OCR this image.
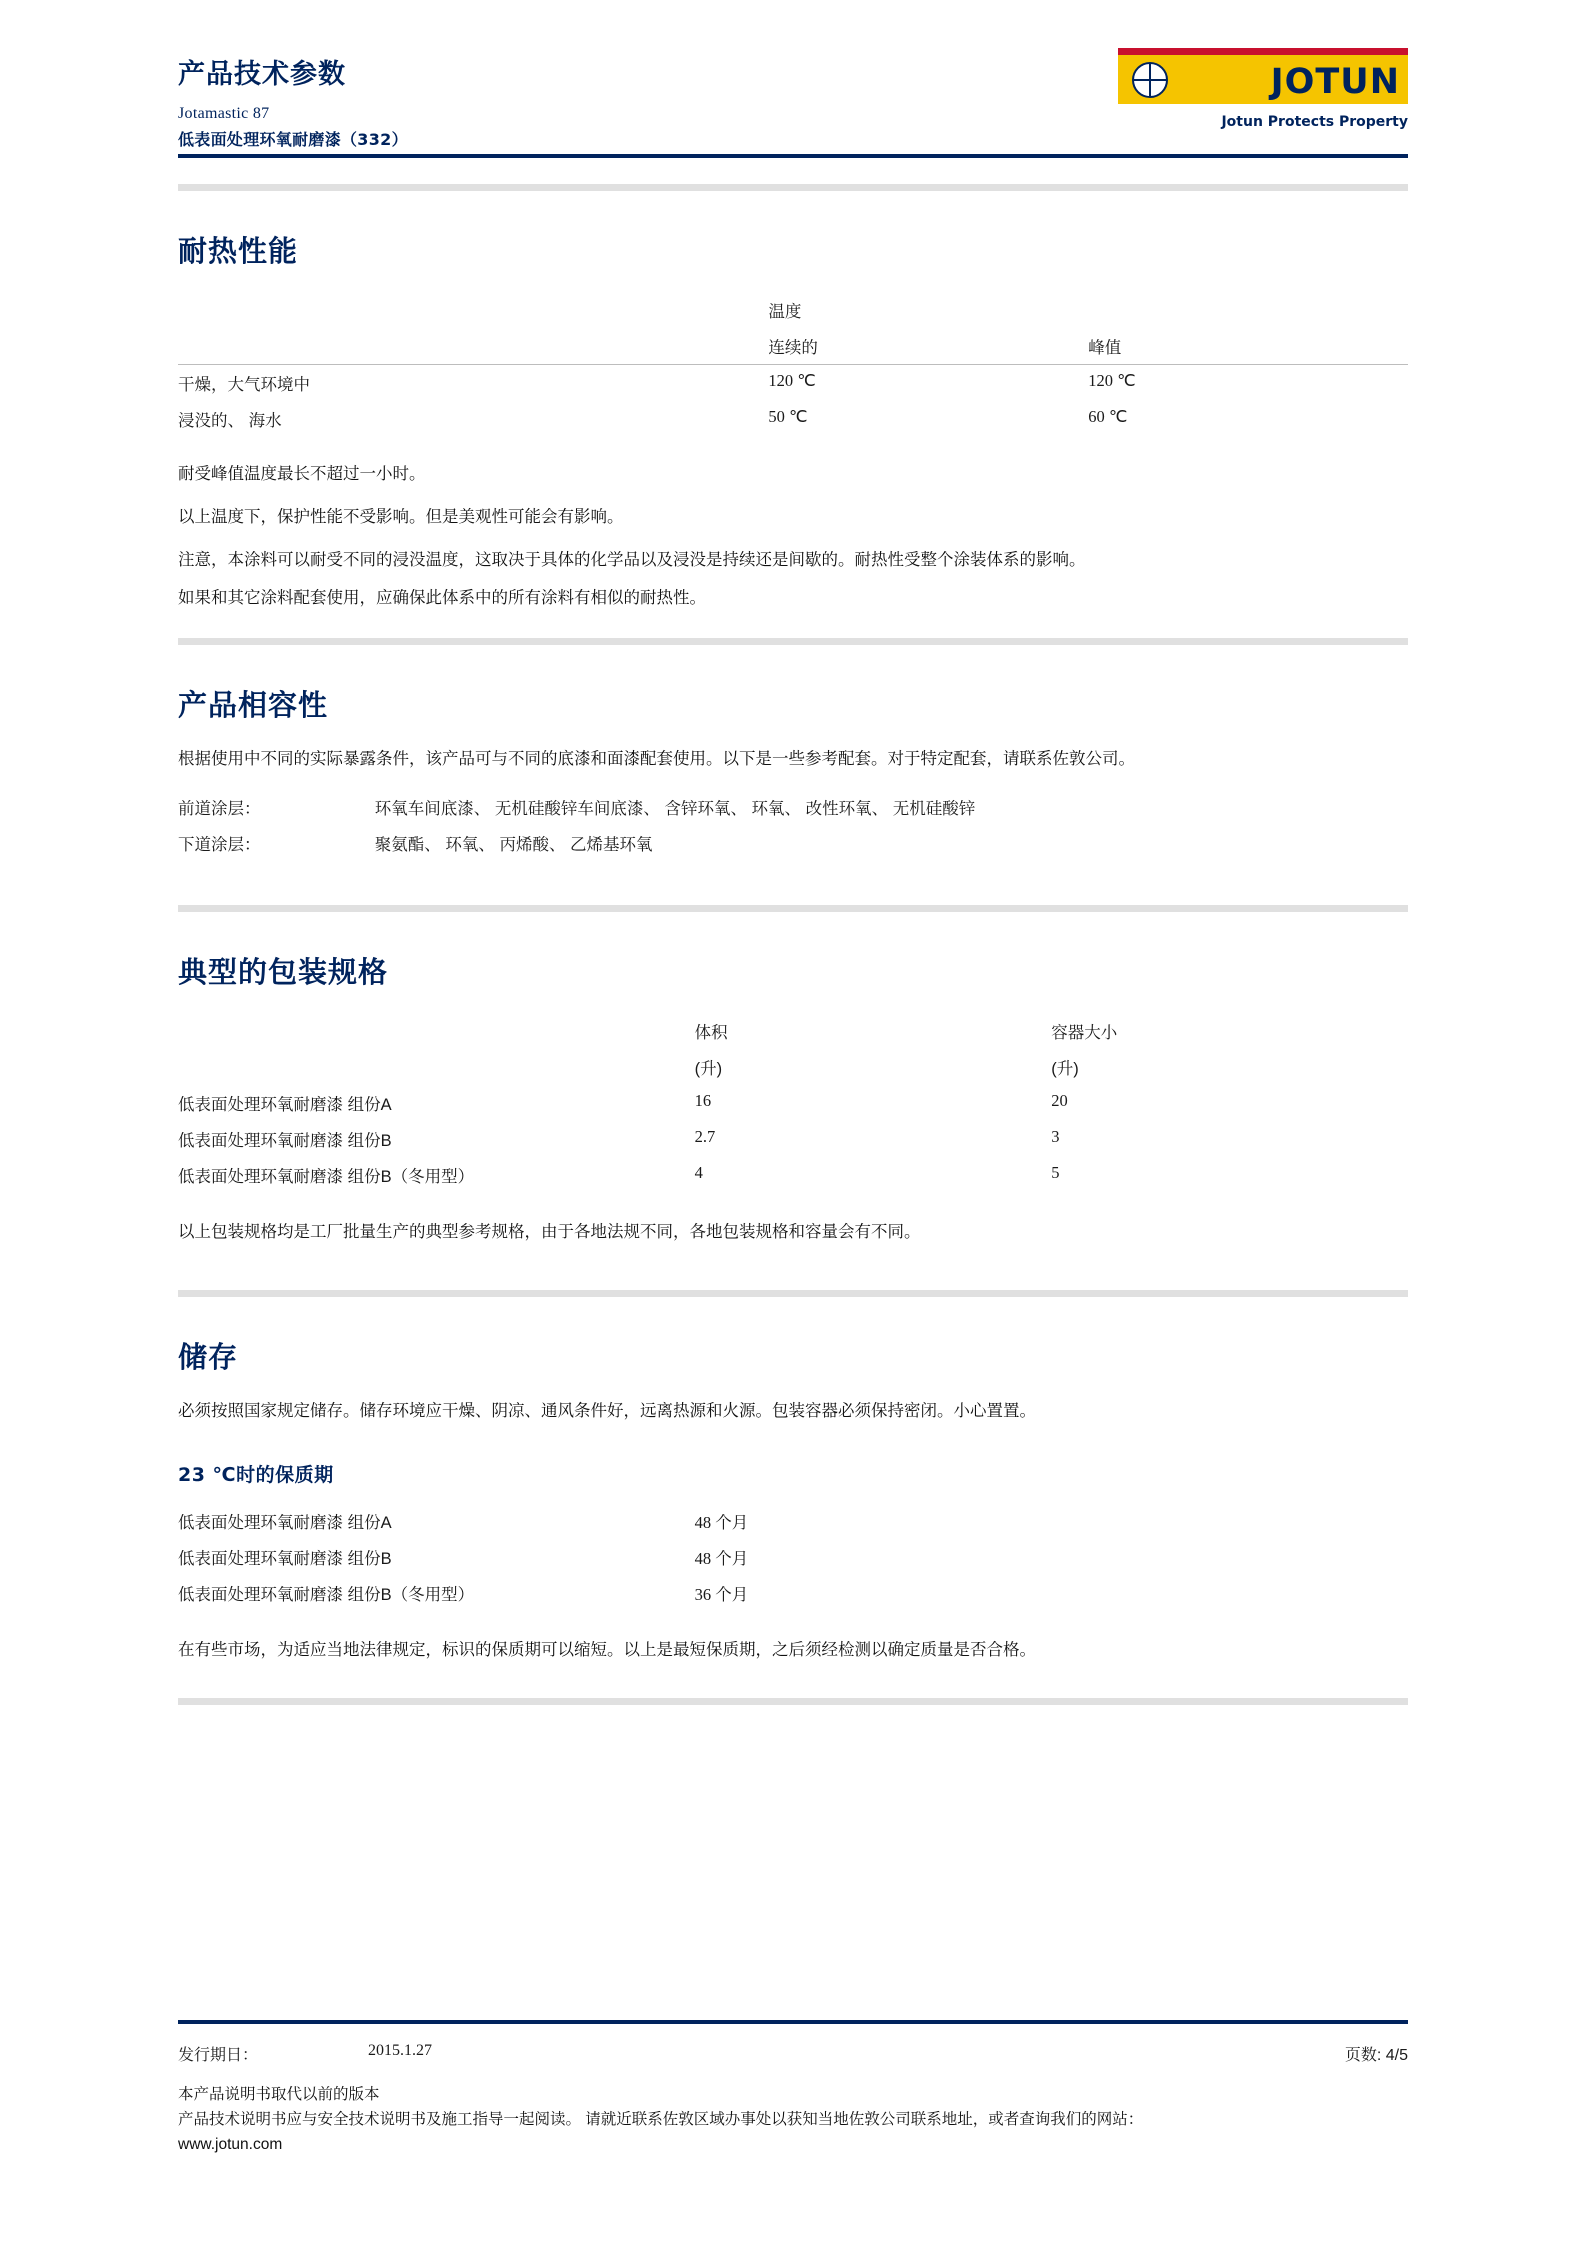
产品技术参数
Jotamastic 87
低表面处理环氧耐磨漆（332）
JOTUN
Jotun Protects Property
耐热性能
	温度	
	连续的	峰值
干燥，大气环境中	120 ℃	120 ℃
浸没的、 海水	50 ℃	60 ℃

耐受峰值温度最长不超过一小时。

以上温度下，保护性能不受影响。但是美观性可能会有影响。

注意，本涂料可以耐受不同的浸没温度，这取决于具体的化学品以及浸没是持续还是间歇的。耐热性受整个涂装体系的影响。

如果和其它涂料配套使用，应确保此体系中的所有涂料有相似的耐热性。

产品相容性

根据使用中不同的实际暴露条件，该产品可与不同的底漆和面漆配套使用。以下是一些参考配套。对于特定配套，请联系佐敦公司。

前道涂层：	环氧车间底漆、 无机硅酸锌车间底漆、 含锌环氧、 环氧、 改性环氧、 无机硅酸锌
下道涂层：	聚氨酯、 环氧、 丙烯酸、 乙烯基环氧
典型的包装规格
	体积	容器大小
	(升)	(升)
低表面处理环氧耐磨漆 组份A	16	20
低表面处理环氧耐磨漆 组份B	2.7	3
低表面处理环氧耐磨漆 组份B（冬用型）	4	5

以上包装规格均是工厂批量生产的典型参考规格，由于各地法规不同，各地包装规格和容量会有不同。

储存

必须按照国家规定储存。储存环境应干燥、阴凉、通风条件好，远离热源和火源。包装容器必须保持密闭。小心置置。

23 ℃时的保质期
低表面处理环氧耐磨漆 组份A	48 个月
低表面处理环氧耐磨漆 组份B	48 个月
低表面处理环氧耐磨漆 组份B（冬用型）	36 个月

在有些市场，为适应当地法律规定，标识的保质期可以缩短。以上是最短保质期，之后须经检测以确定质量是否合格。

发行期日：	2015.1.27	页数: 4/5
本产品说明书取代以前的版本
产品技术说明书应与安全技术说明书及施工指导一起阅读。 请就近联系佐敦区域办事处以获知当地佐敦公司联系地址，或者查询我们的网站：
www.jotun.com
